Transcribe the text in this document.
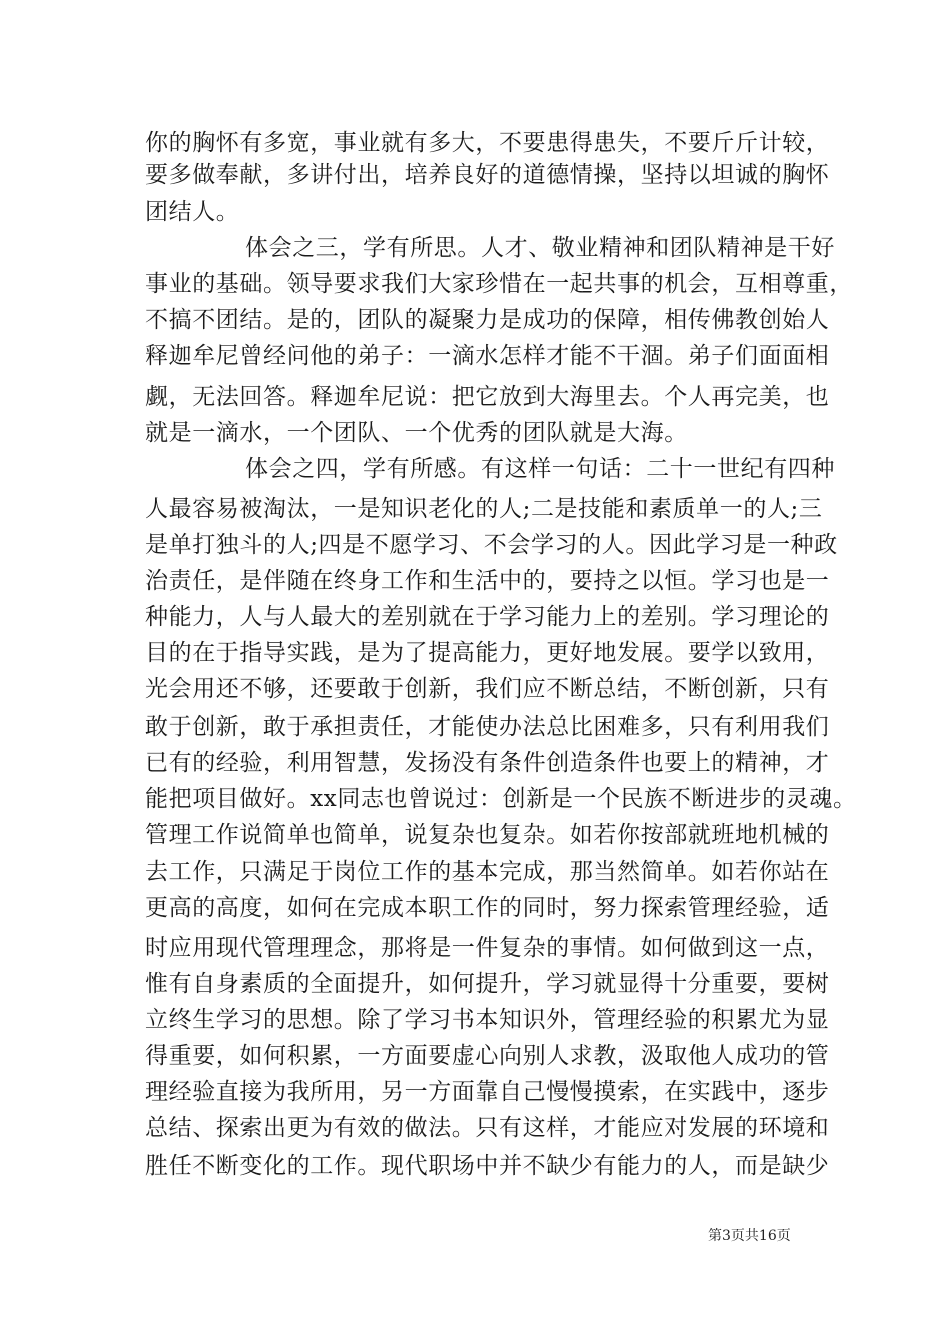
你的胸怀有多宽，事业就有多大，不要患得患失，不要斤斤计较，
要多做奉献，多讲付出，培养良好的道德情操，坚持以坦诚的胸怀
团结人。
体会之三，学有所思。人才、敬业精神和团队精神是干好
事业的基础。领导要求我们大家珍惜在一起共事的机会，互相尊重，
不搞不团结。是的，团队的凝聚力是成功的保障，相传佛教创始人
释迦牟尼曾经问他的弟子：一滴水怎样才能不干涸。弟子们面面相
觑，无法回答。释迦牟尼说：把它放到大海里去。个人再完美，也
就是一滴水，一个团队、一个优秀的团队就是大海。
体会之四，学有所感。有这样一句话：二十一世纪有四种
人最容易被淘汰，一是知识老化的人;二是技能和素质单一的人;三
是单打独斗的人;四是不愿学习、不会学习的人。因此学习是一种政
治责任，是伴随在终身工作和生活中的，要持之以恒。学习也是一
种能力，人与人最大的差别就在于学习能力上的差别。学习理论的
目的在于指导实践，是为了提高能力，更好地发展。要学以致用，
光会用还不够，还要敢于创新，我们应不断总结，不断创新，只有
敢于创新，敢于承担责任，才能使办法总比困难多，只有利用我们
已有的经验，利用智慧，发扬没有条件创造条件也要上的精神，才
能把项目做好。xx同志也曾说过：创新是一个民族不断进步的灵魂。
管理工作说简单也简单，说复杂也复杂。如若你按部就班地机械的
去工作，只满足于岗位工作的基本完成，那当然简单。如若你站在
更高的高度，如何在完成本职工作的同时，努力探索管理经验，适
时应用现代管理理念，那将是一件复杂的事情。如何做到这一点，
惟有自身素质的全面提升，如何提升，学习就显得十分重要，要树
立终生学习的思想。除了学习书本知识外，管理经验的积累尤为显
得重要，如何积累，一方面要虚心向别人求教，汲取他人成功的管
理经验直接为我所用，另一方面靠自己慢慢摸索，在实践中，逐步
总结、探索出更为有效的做法。只有这样，才能应对发展的环境和
胜任不断变化的工作。现代职场中并不缺少有能力的人，而是缺少
第3页共16页
